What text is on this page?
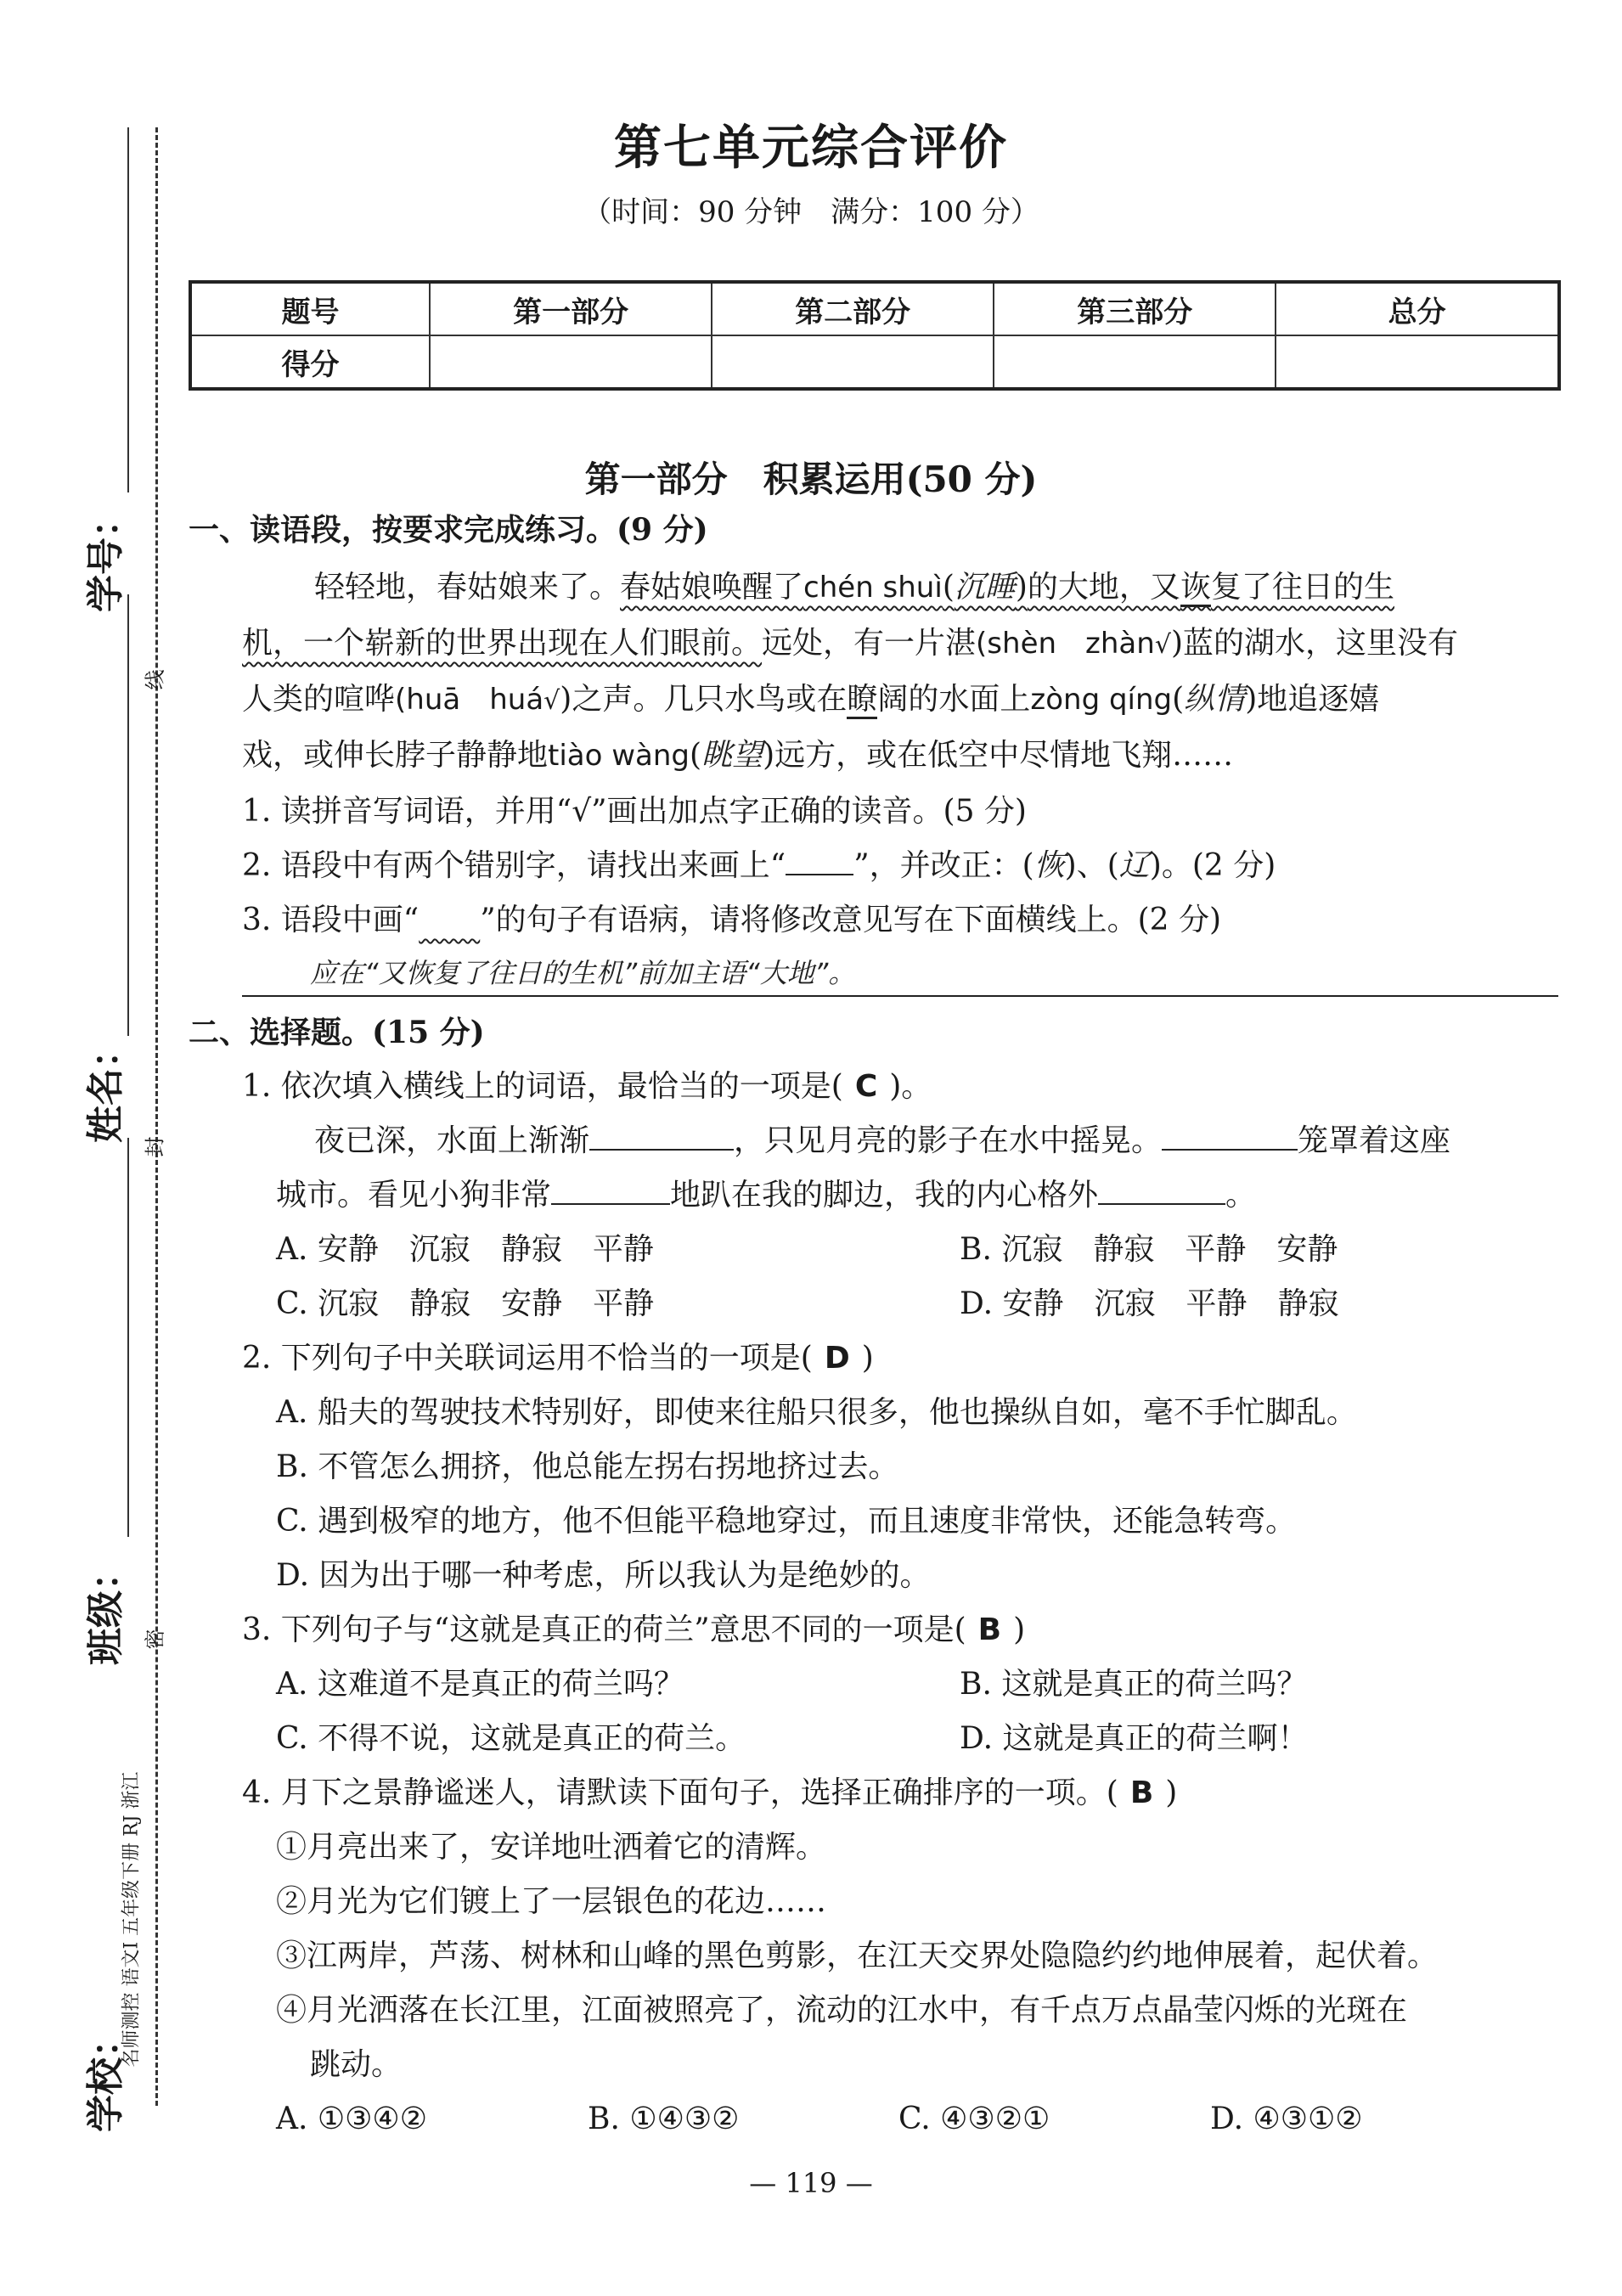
学号：
姓名：
班级：
学校：
线
封
密
名师测控 语文Ⅰ 五年级下册 RJ 浙江
第七单元综合评价
（时间：90 分钟　满分：100 分）
题号	第一部分	第二部分	第三部分	总分
得分				
第一部分　积累运用(50 分)
一、读语段，按要求完成练习。(9 分)
轻轻地，春姑娘来了。春姑娘唤醒了chén shuì(沉睡)的大地，又诙复了往日的生
机，一个崭新的世界出现在人们眼前。远处，有一片湛(shèn　zhàn√)蓝的湖水，这里没有
人类的喧哗(huā　huá√)之声。几只水鸟或在瞭阔的水面上zòng qíng(纵情)地追逐嬉
戏，或伸长脖子静静地tiào wàng(眺望)远方，或在低空中尽情地飞翔……
1. 读拼音写词语，并用“√”画出加点字正确的读音。(5 分)
2. 语段中有两个错别字，请找出来画上“ ”，并改正：(恢)、(辽)。(2 分)
3. 语段中画“　　 ”的句子有语病，请将修改意见写在下面横线上。(2 分)
应在“又恢复了往日的生机”前加主语“大地”。
二、选择题。(15 分)
1. 依次填入横线上的词语，最恰当的一项是( C )。
夜已深，水面上渐渐	，只见月亮的影子在水中摇晃。	笼罩着这座
城市。看见小狗非常	地趴在我的脚边，我的内心格外	。
A. 安静　沉寂　静寂　平静	B. 沉寂　静寂　平静　安静
C. 沉寂　静寂　安静　平静	D. 安静　沉寂　平静　静寂
2. 下列句子中关联词运用不恰当的一项是( D )
A. 船夫的驾驶技术特别好，即使来往船只很多，他也操纵自如，毫不手忙脚乱。
B. 不管怎么拥挤，他总能左拐右拐地挤过去。
C. 遇到极窄的地方，他不但能平稳地穿过，而且速度非常快，还能急转弯。
D. 因为出于哪一种考虑，所以我认为是绝妙的。
3. 下列句子与“这就是真正的荷兰”意思不同的一项是( B )
A. 这难道不是真正的荷兰吗？	B. 这就是真正的荷兰吗？
C. 不得不说，这就是真正的荷兰。	D. 这就是真正的荷兰啊！
4. 月下之景静谧迷人，请默读下面句子，选择正确排序的一项。( B )
①月亮出来了，安详地吐洒着它的清辉。
②月光为它们镀上了一层银色的花边……
③江两岸，芦荡、树林和山峰的黑色剪影，在江天交界处隐隐约约地伸展着，起伏着。
④月光洒落在长江里，江面被照亮了，流动的江水中，有千点万点晶莹闪烁的光斑在
跳动。
A. ①③④②	B. ①④③②	C. ④③②①	D. ④③①②
— 119 —
